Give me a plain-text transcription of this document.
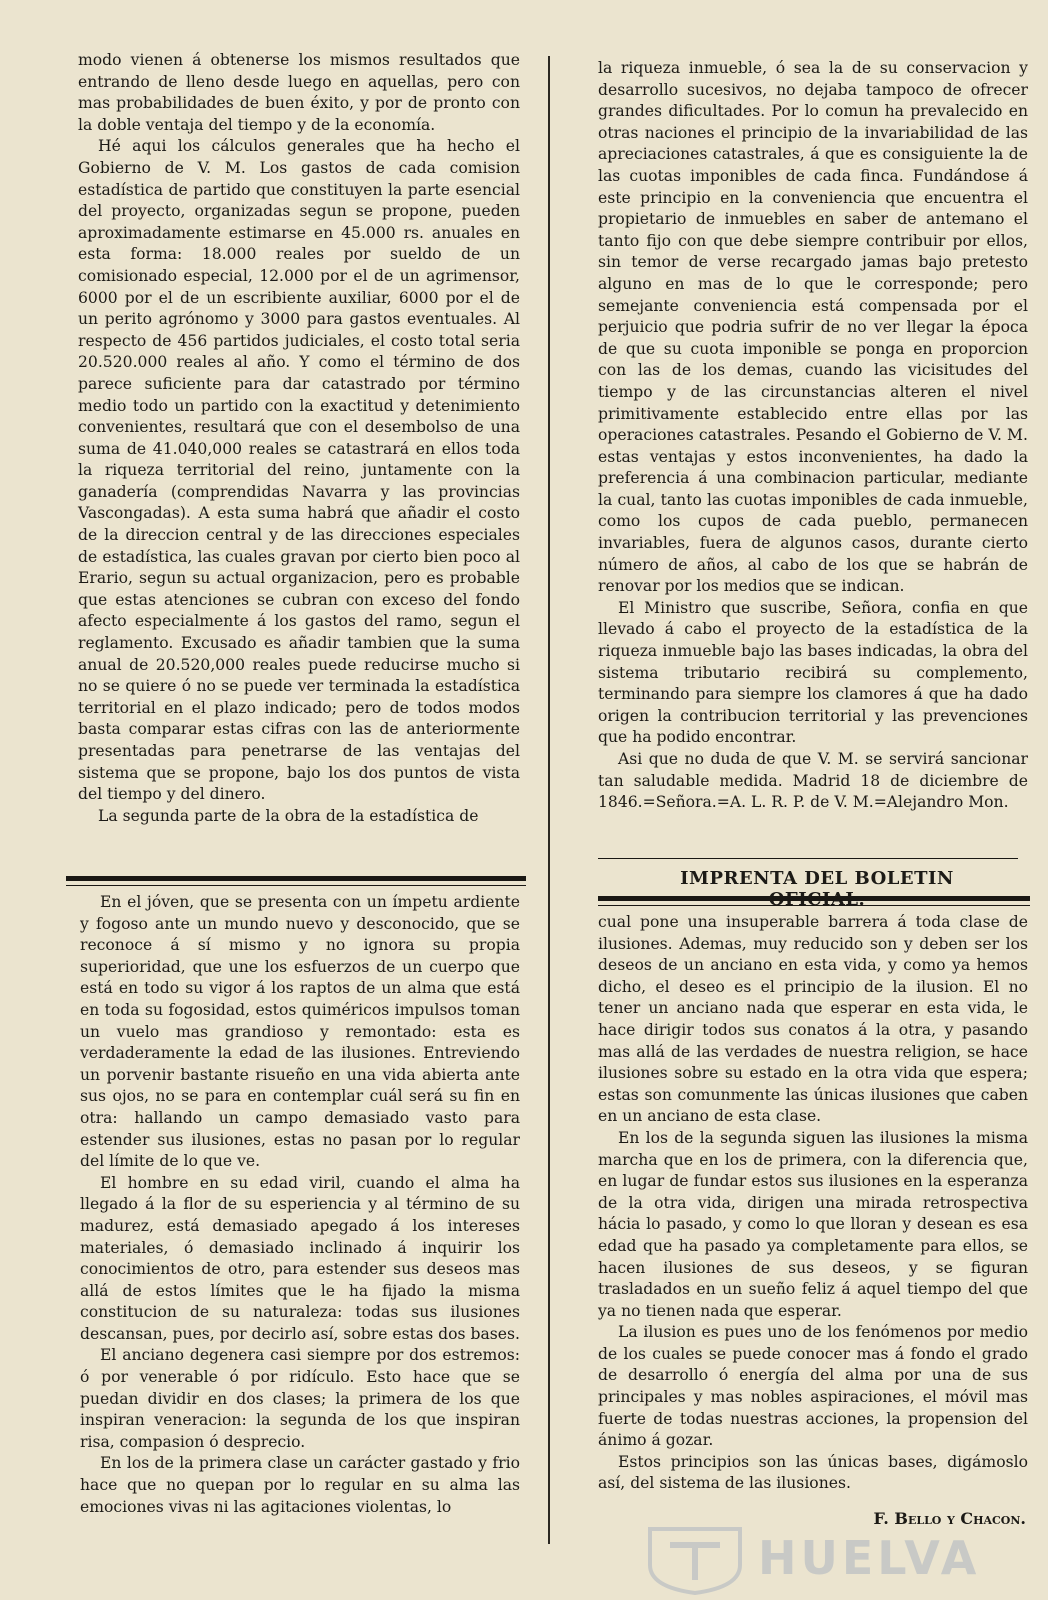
modo vienen á obtenerse los mismos resultados que entrando de lleno desde luego en aquellas, pero con mas probabilidades de buen éxito, y por de pronto con la doble ventaja del tiempo y de la economía.

Hé aqui los cálculos generales que ha hecho el Gobierno de V. M. Los gastos de cada comision estadística de partido que constituyen la parte esencial del proyecto, organizadas segun se propone, pueden aproximadamente estimarse en 45.000 rs. anuales en esta forma: 18.000 reales por sueldo de un comisionado especial, 12.000 por el de un agrimensor, 6000 por el de un escribiente auxiliar, 6000 por el de un perito agrónomo y 3000 para gastos eventuales. Al respecto de 456 partidos judiciales, el costo total seria 20.520.000 reales al año. Y como el término de dos parece suficiente para dar catastrado por término medio todo un partido con la exactitud y detenimiento convenientes, resultará que con el desembolso de una suma de 41.040,000 reales se catastrará en ellos toda la riqueza territorial del reino, juntamente con la ganadería (comprendidas Navarra y las provincias Vascongadas). A esta suma habrá que añadir el costo de la direccion central y de las direcciones especiales de estadística, las cuales gravan por cierto bien poco al Erario, segun su actual organizacion, pero es probable que estas atenciones se cubran con exceso del fondo afecto especialmente á los gastos del ramo, segun el reglamento. Excusado es añadir tambien que la suma anual de 20.520,000 reales puede reducirse mucho si no se quiere ó no se puede ver terminada la estadística territorial en el plazo indicado; pero de todos modos basta comparar estas cifras con las de anteriormente presentadas para penetrarse de las ventajas del sistema que se propone, bajo los dos puntos de vista del tiempo y del dinero.

La segunda parte de la obra de la estadística de

la riqueza inmueble, ó sea la de su conservacion y desarrollo sucesivos, no dejaba tampoco de ofrecer grandes dificultades. Por lo comun ha prevalecido en otras naciones el principio de la invariabilidad de las apreciaciones catastrales, á que es consiguiente la de las cuotas imponibles de cada finca. Fundándose á este principio en la conveniencia que encuentra el propietario de inmuebles en saber de antemano el tanto fijo con que debe siempre contribuir por ellos, sin temor de verse recargado jamas bajo pretesto alguno en mas de lo que le corresponde; pero semejante conveniencia está compensada por el perjuicio que podria sufrir de no ver llegar la época de que su cuota imponible se ponga en proporcion con las de los demas, cuando las vicisitudes del tiempo y de las circunstancias alteren el nivel primitivamente establecido entre ellas por las operaciones catastrales. Pesando el Gobierno de V. M. estas ventajas y estos inconvenientes, ha dado la preferencia á una combinacion particular, mediante la cual, tanto las cuotas imponibles de cada inmueble, como los cupos de cada pueblo, permanecen invariables, fuera de algunos casos, durante cierto número de años, al cabo de los que se habrán de renovar por los medios que se indican.

El Ministro que suscribe, Señora, confia en que llevado á cabo el proyecto de la estadística de la riqueza inmueble bajo las bases indicadas, la obra del sistema tributario recibirá su complemento, terminando para siempre los clamores á que ha dado origen la contribucion territorial y las prevenciones que ha podido encontrar.

Asi que no duda de que V. M. se servirá sancionar tan saludable medida. Madrid 18 de diciembre de 1846.=Señora.=A. L. R. P. de V. M.=Alejandro Mon.

IMPRENTA DEL BOLETIN

En el jóven, que se presenta con un ímpetu ardiente y fogoso ante un mundo nuevo y desconocido, que se reconoce á sí mismo y no ignora su propia superioridad, que une los esfuerzos de un cuerpo que está en todo su vigor á los raptos de un alma que está en toda su fogosidad, estos quiméricos impulsos toman un vuelo mas grandioso y remontado: esta es verdaderamente la edad de las ilusiones. Entreviendo un porvenir bastante risueño en una vida abierta ante sus ojos, no se para en contemplar cuál será su fin en otra: hallando un campo demasiado vasto para estender sus ilusiones, estas no pasan por lo regular del límite de lo que ve.

El hombre en su edad viril, cuando el alma ha llegado á la flor de su esperiencia y al término de su madurez, está demasiado apegado á los intereses materiales, ó demasiado inclinado á inquirir los conocimientos de otro, para estender sus deseos mas allá de estos límites que le ha fijado la misma constitucion de su naturaleza: todas sus ilusiones descansan, pues, por decirlo así, sobre estas dos bases.

El anciano degenera casi siempre por dos estremos: ó por venerable ó por ridículo. Esto hace que se puedan dividir en dos clases; la primera de los que inspiran veneracion: la segunda de los que inspiran risa, compasion ó desprecio.

En los de la primera clase un carácter gastado y frio hace que no quepan por lo regular en su alma las emociones vivas ni las agitaciones violentas, lo

cual pone una insuperable barrera á toda clase de ilusiones. Ademas, muy reducido son y deben ser los deseos de un anciano en esta vida, y como ya hemos dicho, el deseo es el principio de la ilusion. El no tener un anciano nada que esperar en esta vida, le hace dirigir todos sus conatos á la otra, y pasando mas allá de las verdades de nuestra religion, se hace ilusiones sobre su estado en la otra vida que espera; estas son comunmente las únicas ilusiones que caben en un anciano de esta clase.

En los de la segunda siguen las ilusiones la misma marcha que en los de primera, con la diferencia que, en lugar de fundar estos sus ilusiones en la esperanza de la otra vida, dirigen una mirada retrospectiva hácia lo pasado, y como lo que lloran y desean es esa edad que ha pasado ya completamente para ellos, se hacen ilusiones de sus deseos, y se figuran trasladados en un sueño feliz á aquel tiempo del que ya no tienen nada que esperar.

La ilusion es pues uno de los fenómenos por medio de los cuales se puede conocer mas á fondo el grado de desarrollo ó energía del alma por una de sus principales y mas nobles aspiraciones, el móvil mas fuerte de todas nuestras acciones, la propension del ánimo á gozar.

Estos principios son las únicas bases, digámoslo así, del sistema de las ilusiones.

F. Bello y Chacon.
HUELVA
